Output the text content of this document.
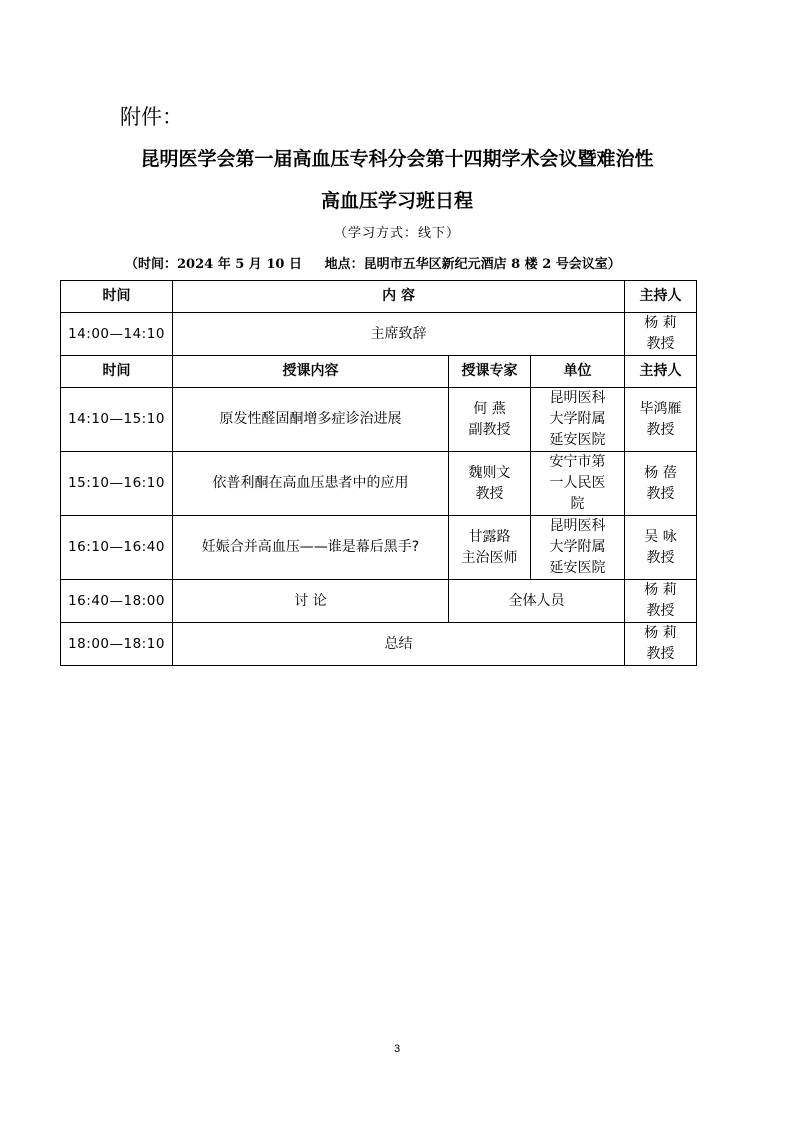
附件：
昆明医学会第一届高血压专科分会第十四期学术会议暨难治性
高血压学习班日程
（学习方式：线下）
（时间：2024 年 5 月 10 日     地点：昆明市五华区新纪元酒店 8 楼 2 号会议室）
时间	内 容			主持人
14:00—14:10	主席致辞			杨 莉
教授
时间	授课内容	授课专家	单位	主持人
14:10—15:10	原发性醛固酮增多症诊治进展	何 燕
副教授	昆明医科
大学附属
延安医院	毕鸿雁
教授
15:10—16:10	依普利酮在高血压患者中的应用	魏则文
教授	安宁市第
一人民医
院	杨 蓓
教授
16:10—16:40	妊娠合并高血压——谁是幕后黑手?	甘露路
主治医师	昆明医科
大学附属
延安医院	吴 咏
教授
16:40—18:00	讨 论	全体人员		杨 莉
教授
18:00—18:10	总结			杨 莉
教授
3
